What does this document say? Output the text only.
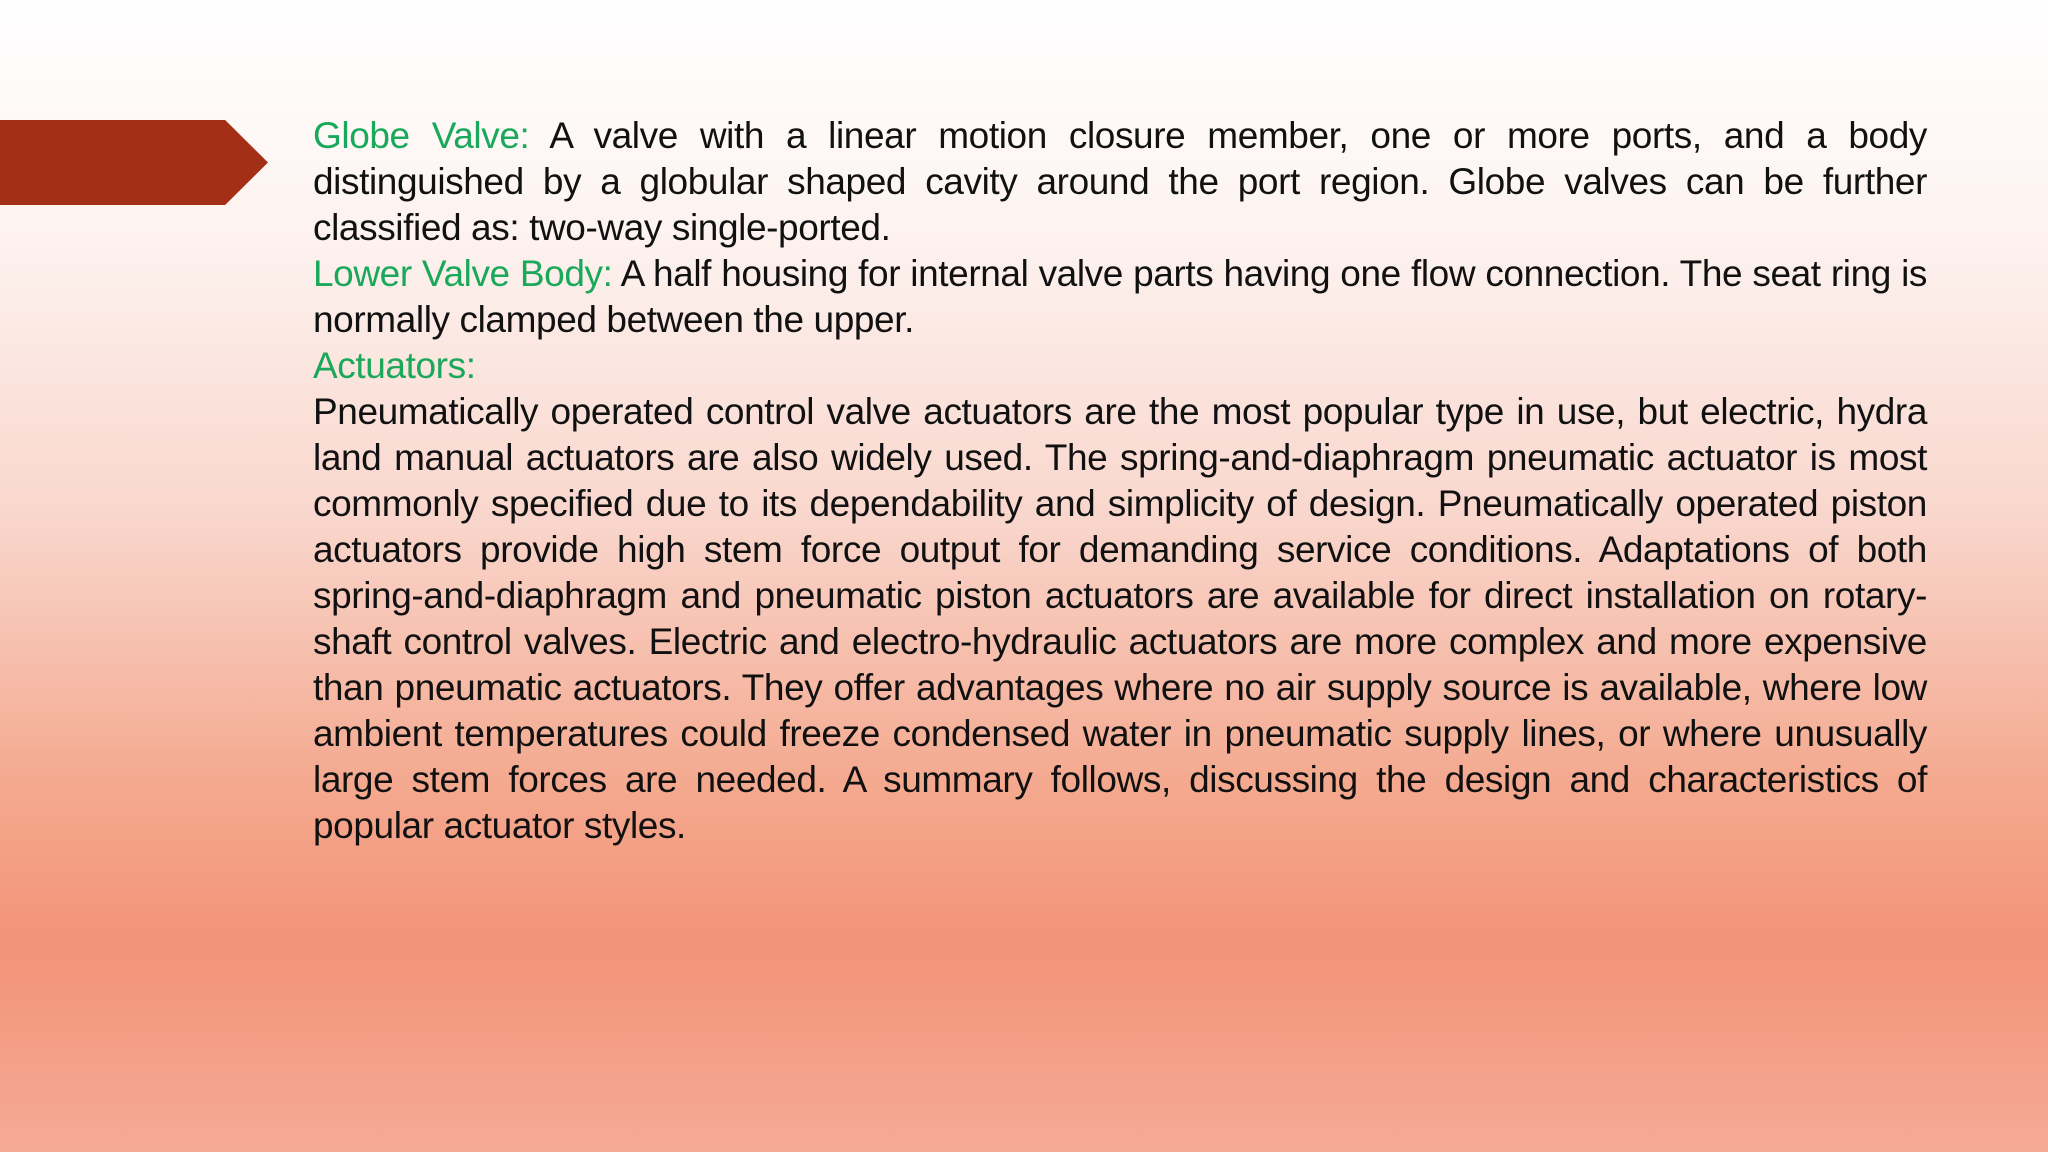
Globe Valve: A valve with a linear motion closure member, one or more ports, and a body distinguished by a globular shaped cavity around the port region. Globe valves can be further classified as: two-way single-ported.

Lower Valve Body: A half housing for internal valve parts having one flow connection. The seat ring is normally clamped between the upper.

Actuators:

Pneumatically operated control valve actuators are the most popular type in use, but electric, hydra land manual actuators are also widely used. The spring-and-diaphragm pneumatic actuator is most commonly specified due to its dependability and simplicity of design. Pneumatically operated piston actuators provide high stem force output for demanding service conditions. Adaptations of both spring-and-diaphragm and pneumatic piston actuators are available for direct installation on rotary-shaft control valves. Electric and electro-hydraulic actuators are more complex and more expensive than pneumatic actuators. They offer advantages where no air supply source is available, where low ambient temperatures could freeze condensed water in pneumatic supply lines, or where unusually large stem forces are needed. A summary follows, discussing the design and characteristics of popular actuator styles.
